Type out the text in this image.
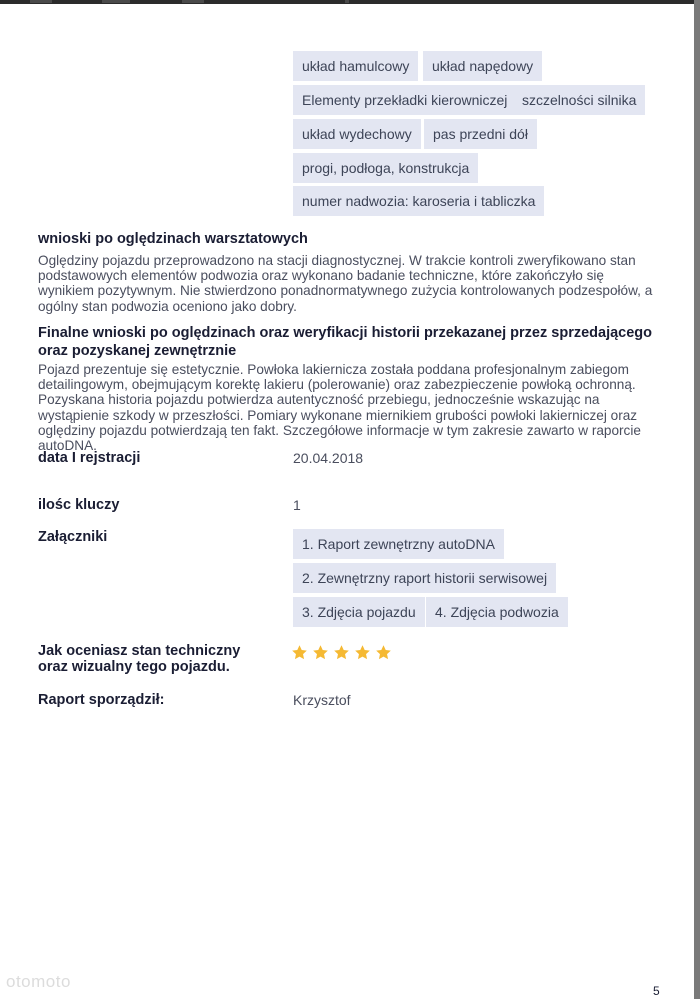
układ hamulcowy	układ napędowy
Elementy przekładki kierowniczej	szczelności silnika
układ wydechowy	pas przedni dół
progi, podłoga, konstrukcja
numer nadwozia: karoseria i tabliczka
wnioski po oględzinach warsztatowych
Oględziny pojazdu przeprowadzono na stacji diagnostycznej. W trakcie kontroli zweryfikowano stan podstawowych elementów podwozia oraz wykonano badanie techniczne, które zakończyło się wynikiem pozytywnym. Nie stwierdzono ponadnormatywnego zużycia kontrolowanych podzespołów, a ogólny stan podwozia oceniono jako dobry.
Finalne wnioski po oględzinach oraz weryfikacji historii przekazanej przez sprzedającego oraz pozyskanej zewnętrznie
Pojazd prezentuje się estetycznie. Powłoka lakiernicza została poddana profesjonalnym zabiegom detailingowym, obejmującym korektę lakieru (polerowanie) oraz zabezpieczenie powłoką ochronną. Pozyskana historia pojazdu potwierdza autentyczność przebiegu, jednocześnie wskazując na wystąpienie szkody w przeszłości. Pomiary wykonane miernikiem grubości powłoki lakierniczej oraz oględziny pojazdu potwierdzają ten fakt. Szczegółowe informacje w tym zakresie zawarto w raporcie autoDNA.
data I rejstracji	20.04.2018
ilośc kluczy	1
Załączniki	1. Raport zewnętrzny autoDNA
2. Zewnętrzny raport historii serwisowej
3. Zdjęcia pojazdu	4. Zdjęcia podwozia
Jak oceniasz stan techniczny oraz wizualny tego pojazdu.
Raport sporządził:	Krzysztof
5
otomoto
